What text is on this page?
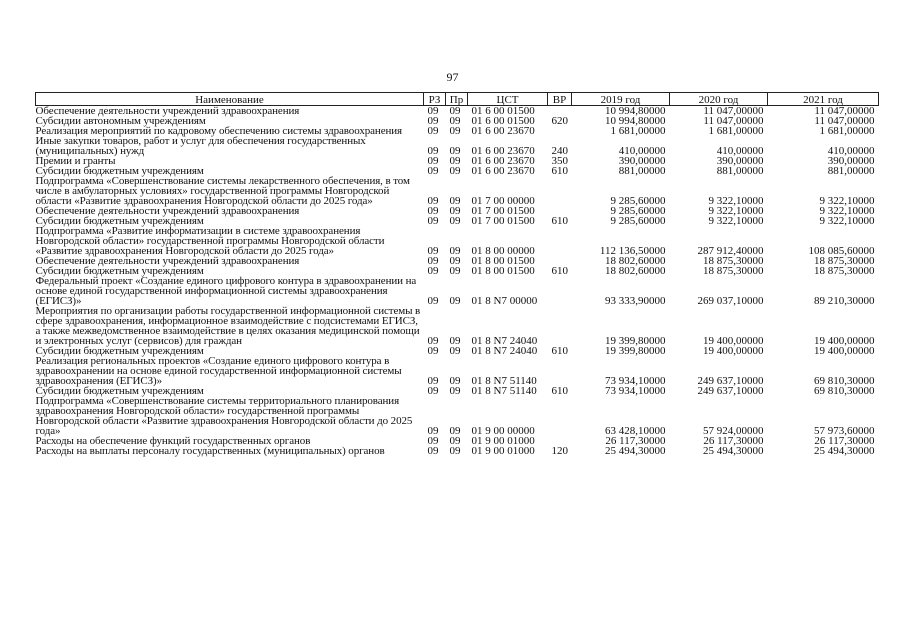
97
Наименование	РЗ	Пр	ЦСТ	ВР	2019 год	2020 год	2021 год
Обеспечение деятельности учреждений здравоохранения	09	09	01 6 00 01500		10 994,80000	11 047,00000	11 047,00000
Субсидии автономным учреждениям	09	09	01 6 00 01500	620	10 994,80000	11 047,00000	11 047,00000
Реализация мероприятий по кадровому обеспечению системы здравоохранения	09	09	01 6 00 23670		1 681,00000	1 681,00000	1 681,00000
Иные закупки товаров, работ и услуг для обеспечения государственных (муниципальных) нужд	09	09	01 6 00 23670	240	410,00000	410,00000	410,00000
Премии и гранты	09	09	01 6 00 23670	350	390,00000	390,00000	390,00000
Субсидии бюджетным учреждениям	09	09	01 6 00 23670	610	881,00000	881,00000	881,00000
Подпрограмма «Совершенствование системы лекарственного обеспечения, в том числе в амбулаторных условиях» государственной программы Новгородской области «Развитие здравоохранения Новгородской области до 2025 года»	09	09	01 7 00 00000		9 285,60000	9 322,10000	9 322,10000
Обеспечение деятельности учреждений здравоохранения	09	09	01 7 00 01500		9 285,60000	9 322,10000	9 322,10000
Субсидии бюджетным учреждениям	09	09	01 7 00 01500	610	9 285,60000	9 322,10000	9 322,10000
Подпрограмма «Развитие информатизации в системе здравоохранения Новгородской области» государственной программы Новгородской области «Развитие здравоохранения Новгородской области до 2025 года»	09	09	01 8 00 00000		112 136,50000	287 912,40000	108 085,60000
Обеспечение деятельности учреждений здравоохранения	09	09	01 8 00 01500		18 802,60000	18 875,30000	18 875,30000
Субсидии бюджетным учреждениям	09	09	01 8 00 01500	610	18 802,60000	18 875,30000	18 875,30000
Федеральный проект «Создание единого цифрового контура в здравоохранении на основе единой государственной информационной системы здравоохранения (ЕГИСЗ)»	09	09	01 8 N7 00000		93 333,90000	269 037,10000	89 210,30000
Мероприятия по организации работы государственной информационной системы в сфере здравоохранения, информационное взаимодействие с подсистемами ЕГИСЗ, а также межведомственное взаимодействие в целях оказания медицинской помощи и электронных услуг (сервисов) для граждан	09	09	01 8 N7 24040		19 399,80000	19 400,00000	19 400,00000
Субсидии бюджетным учреждениям	09	09	01 8 N7 24040	610	19 399,80000	19 400,00000	19 400,00000
Реализация региональных проектов «Создание единого цифрового контура в здравоохранении на основе единой государственной информационной системы здравоохранения (ЕГИСЗ)»	09	09	01 8 N7 51140		73 934,10000	249 637,10000	69 810,30000
Субсидии бюджетным учреждениям	09	09	01 8 N7 51140	610	73 934,10000	249 637,10000	69 810,30000
Подпрограмма «Совершенствование системы территориального планирования здравоохранения Новгородской области» государственной программы Новгородской области «Развитие здравоохранения Новгородской области до 2025 года»	09	09	01 9 00 00000		63 428,10000	57 924,00000	57 973,60000
Расходы на обеспечение функций государственных органов	09	09	01 9 00 01000		26 117,30000	26 117,30000	26 117,30000
Расходы на выплаты персоналу государственных (муниципальных) органов	09	09	01 9 00 01000	120	25 494,30000	25 494,30000	25 494,30000
